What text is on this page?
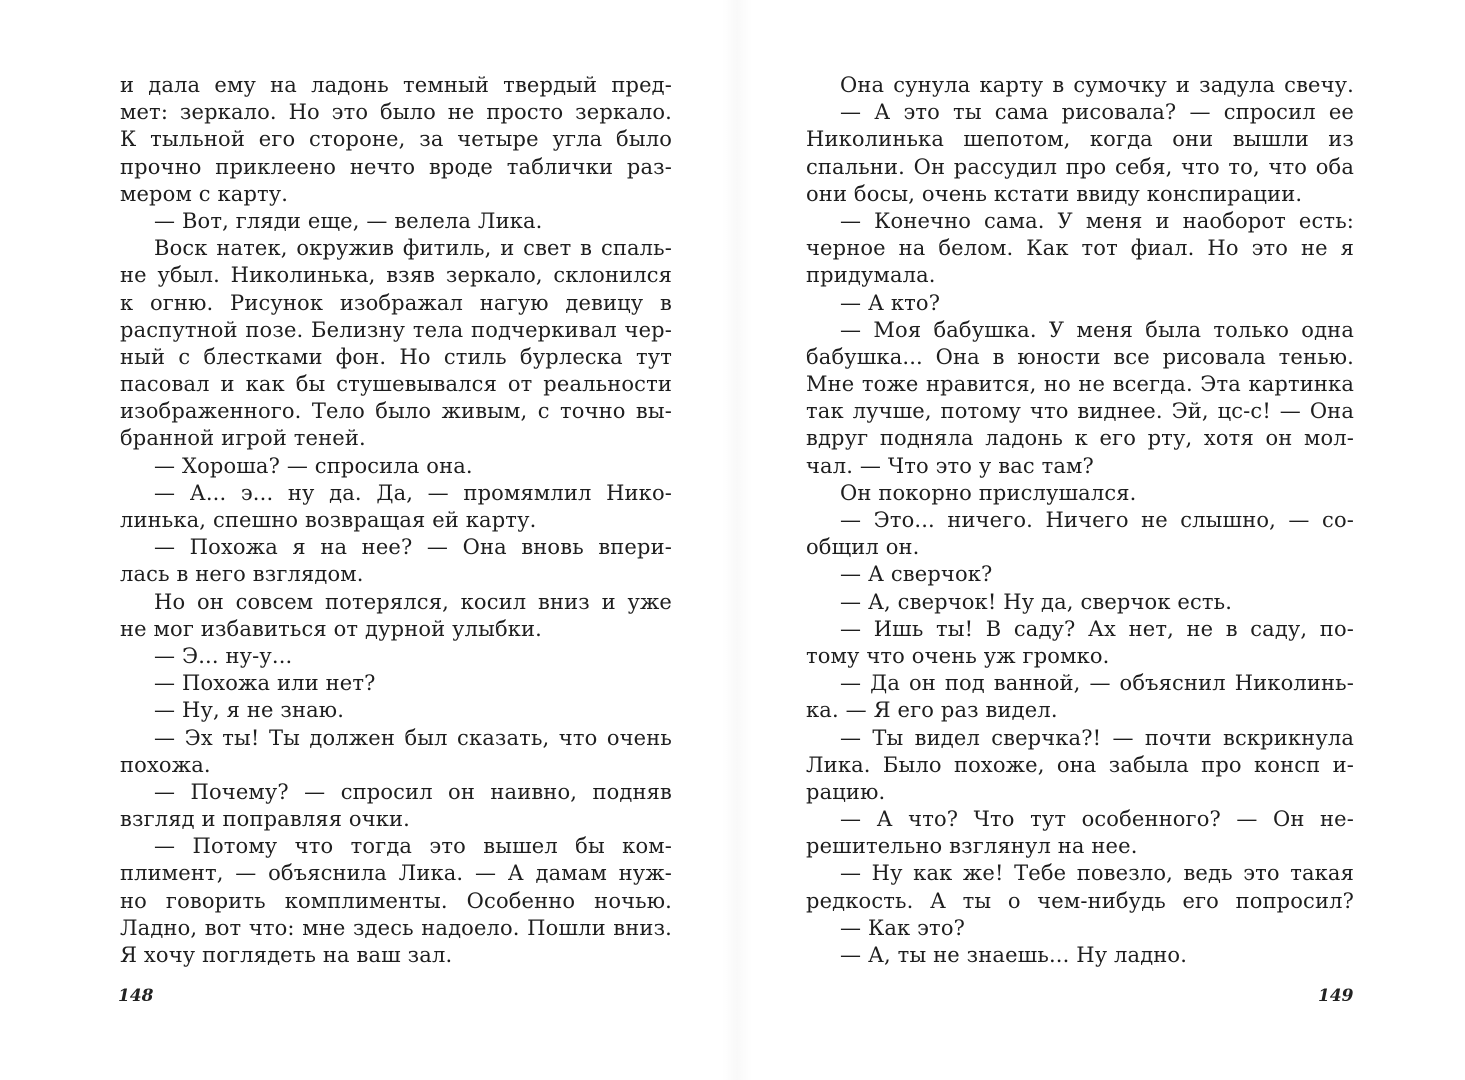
и дала ему на ладонь темный твердый пред-
мет: зеркало. Но это было не просто зеркало.
К тыльной его стороне, за четыре угла было
прочно приклеено нечто вроде таблички раз-
мером с карту.
— Вот, гляди еще, — велела Лика.
Воск натек, окружив фитиль, и свет в спаль-
не убыл. Николинька, взяв зеркало, склонился
к огню. Рисунок изображал нагую девицу в
распутной позе. Белизну тела подчеркивал чер-
ный с блестками фон. Но стиль бурлеска тут
пасовал и как бы стушевывался от реальности
изображенного. Тело было живым, с точно вы-
бранной игрой теней.
— Хороша? — спросила она.
— А... э... ну да. Да, — промямлил Нико-
линька, спешно возвращая ей карту.
— Похожа я на нее? — Она вновь впери-
лась в него взглядом.
Но он совсем потерялся, косил вниз и уже
не мог избавиться от дурной улыбки.
— Э... ну-у...
— Похожа или нет?
— Ну, я не знаю.
— Эх ты! Ты должен был сказать, что очень
похожа.
— Почему? — спросил он наивно, подняв
взгляд и поправляя очки.
— Потому что тогда это вышел бы ком-
плимент, — объяснила Лика. — А дамам нуж-
но говорить комплименты. Особенно ночью.
Ладно, вот что: мне здесь надоело. Пошли вниз.
Я хочу поглядеть на ваш зал.
Она сунула карту в сумочку и задула свечу.
— А это ты сама рисовала? — спросил ее
Николинька шепотом, когда они вышли из
спальни. Он рассудил про себя, что то, что оба
они босы, очень кстати ввиду конспирации.
— Конечно сама. У меня и наоборот есть:
черное на белом. Как тот фиал. Но это не я
придумала.
— А кто?
— Моя бабушка. У меня была только одна
бабушка... Она в юности все рисовала тенью.
Мне тоже нравится, но не всегда. Эта картинка
так лучше, потому что виднее. Эй, цс-с! — Она
вдруг подняла ладонь к его рту, хотя он мол-
чал. — Что это у вас там?
Он покорно прислушался.
— Это... ничего. Ничего не слышно, — со-
общил он.
— А сверчок?
— А, сверчок! Ну да, сверчок есть.
— Ишь ты! В саду? Ах нет, не в саду, по-
тому что очень уж громко.
— Да он под ванной, — объяснил Николинь-
ка. — Я его раз видел.
— Ты видел сверчка?! — почти вскрикнула
Лика. Было похоже, она забыла про консп и-
рацию.
— А что? Что тут особенного? — Он не-
решительно взглянул на нее.
— Ну как же! Тебе повезло, ведь это такая
редкость. А ты о чем-нибудь его попросил?
— Как это?
— А, ты не знаешь... Ну ладно.
148	149
